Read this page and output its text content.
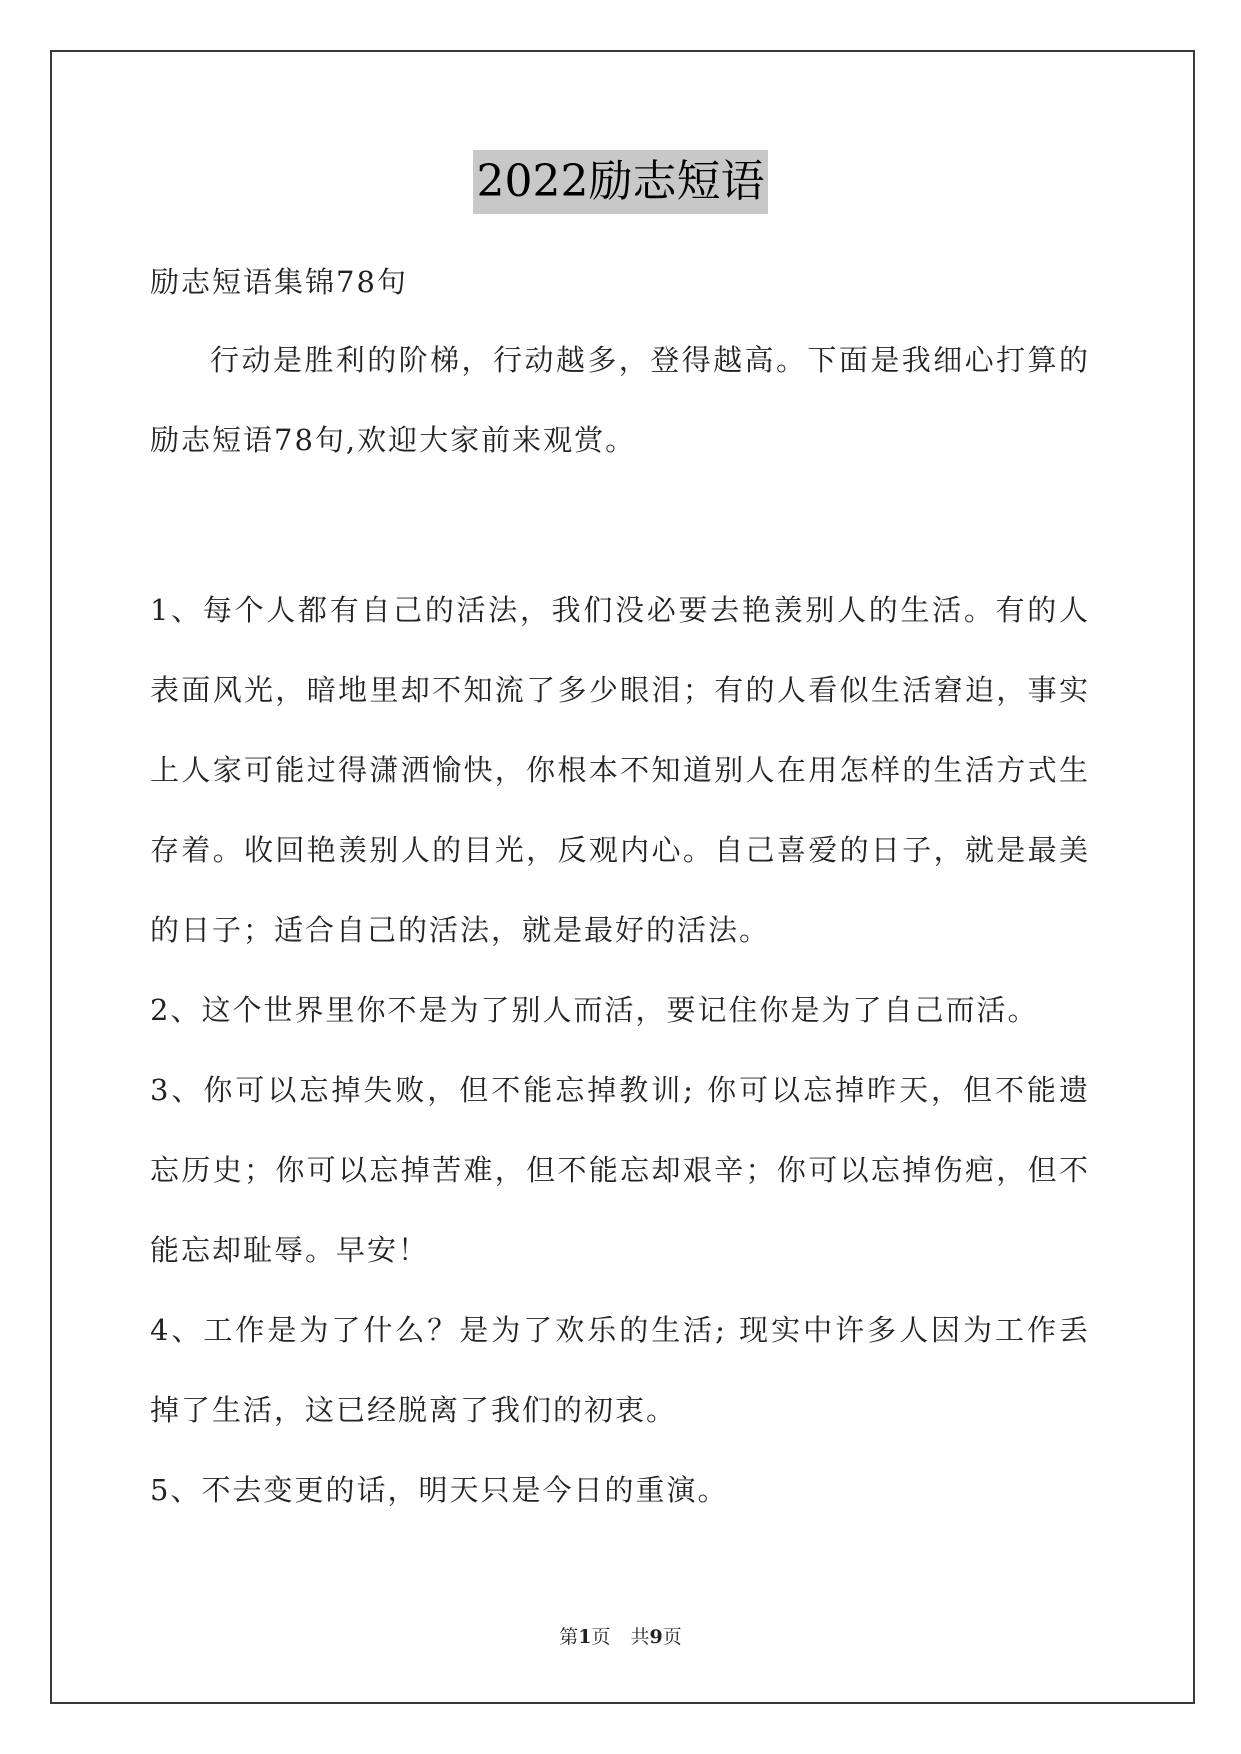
2022励志短语
励志短语集锦78句
行动是胜利的阶梯，行动越多，登得越高。下面是我细心打算的励志短语78句,欢迎大家前来观赏。
1、每个人都有自己的活法，我们没必要去艳羡别人的生活。有的人表面风光，暗地里却不知流了多少眼泪；有的人看似生活窘迫，事实上人家可能过得潇洒愉快，你根本不知道别人在用怎样的生活方式生存着。收回艳羡别人的目光，反观内心。自己喜爱的日子，就是最美的日子；适合自己的活法，就是最好的活法。
2、这个世界里你不是为了别人而活，要记住你是为了自己而活。
3、你可以忘掉失败，但不能忘掉教训; 你可以忘掉昨天，但不能遗忘历史；你可以忘掉苦难，但不能忘却艰辛；你可以忘掉伤疤，但不能忘却耻辱。早安！
4、工作是为了什么？是为了欢乐的生活; 现实中许多人因为工作丢掉了生活，这已经脱离了我们的初衷。
5、不去变更的话，明天只是今日的重演。
第1页 共9页
